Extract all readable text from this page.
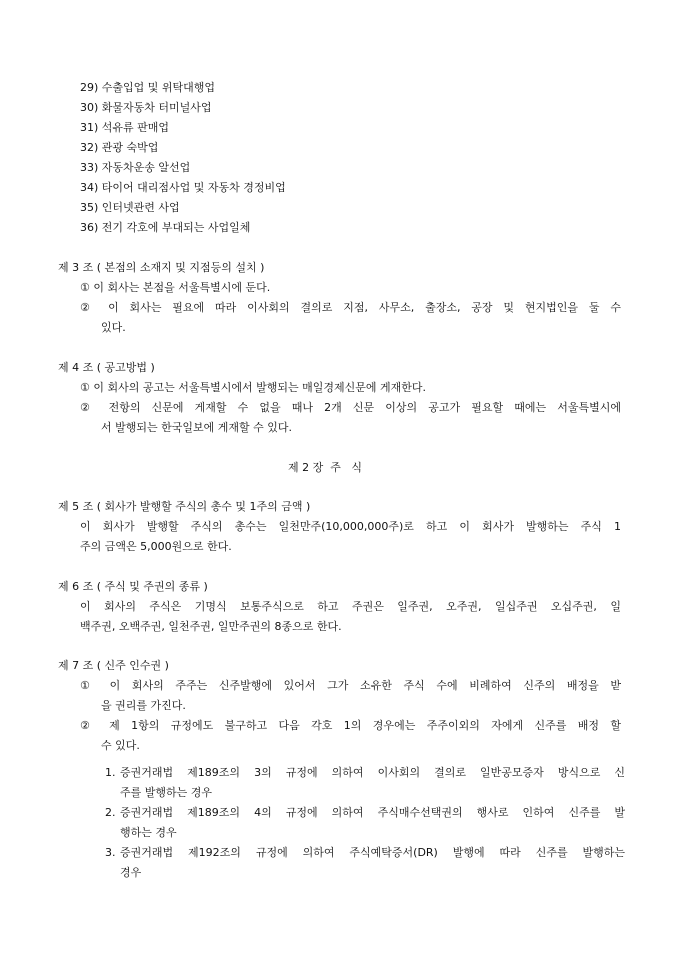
29) 수출입업 및 위탁대행업
30) 화물자동차 터미널사업
31) 석유류 판매업
32) 관광 숙박업
33) 자동차운송 알선업
34) 타이어 대리점사업 및 자동차 경정비업
35) 인터넷관련 사업
36) 전기 각호에 부대되는 사업일체
제 3 조 ( 본점의 소재지 및 지점등의 설치 )
① 이 회사는 본점을 서울특별시에 둔다.
② 이 회사는 필요에 따라 이사회의 결의로 지점, 사무소, 출장소, 공장 및 현지법인을 둘 수
있다.
제 4 조 ( 공고방법 )
① 이 회사의 공고는 서울특별시에서 발행되는 매일경제신문에 게재한다.
② 전항의 신문에 게재할 수 없을 때나 2개 신문 이상의 공고가 필요할 때에는 서울특별시에
서 발행되는 한국일보에 게재할 수 있다.
제 2 장  주   식
제 5 조 ( 회사가 발행할 주식의 총수 및 1주의 금액 )
이 회사가 발행할 주식의 총수는 일천만주(10,000,000주)로 하고 이 회사가 발행하는 주식 1
주의 금액은 5,000원으로 한다.
제 6 조 ( 주식 및 주권의 종류 )
이 회사의 주식은 기명식 보통주식으로 하고 주권은 일주권, 오주권, 일십주권 오십주권, 일
백주권, 오백주권, 일천주권, 일만주권의 8종으로 한다.
제 7 조 ( 신주 인수권 )
① 이 회사의 주주는 신주발행에 있어서 그가 소유한 주식 수에 비례하여 신주의 배정을 받
을 권리를 가진다.
② 제 1항의 규정에도 불구하고 다음 각호 1의 경우에는 주주이외의 자에게 신주를 배정 할
수 있다.
1. 증권거래법 제189조의 3의 규정에 의하여 이사회의 결의로 일반공모증자 방식으로 신
주를 발행하는 경우
2. 증권거래법 제189조의 4의 규정에 의하여 주식매수선택권의 행사로 인하여 신주를 발
행하는 경우
3. 증권거래법 제192조의 규정에 의하여 주식예탁증서(DR) 발행에 따라 신주를 발행하는
경우
